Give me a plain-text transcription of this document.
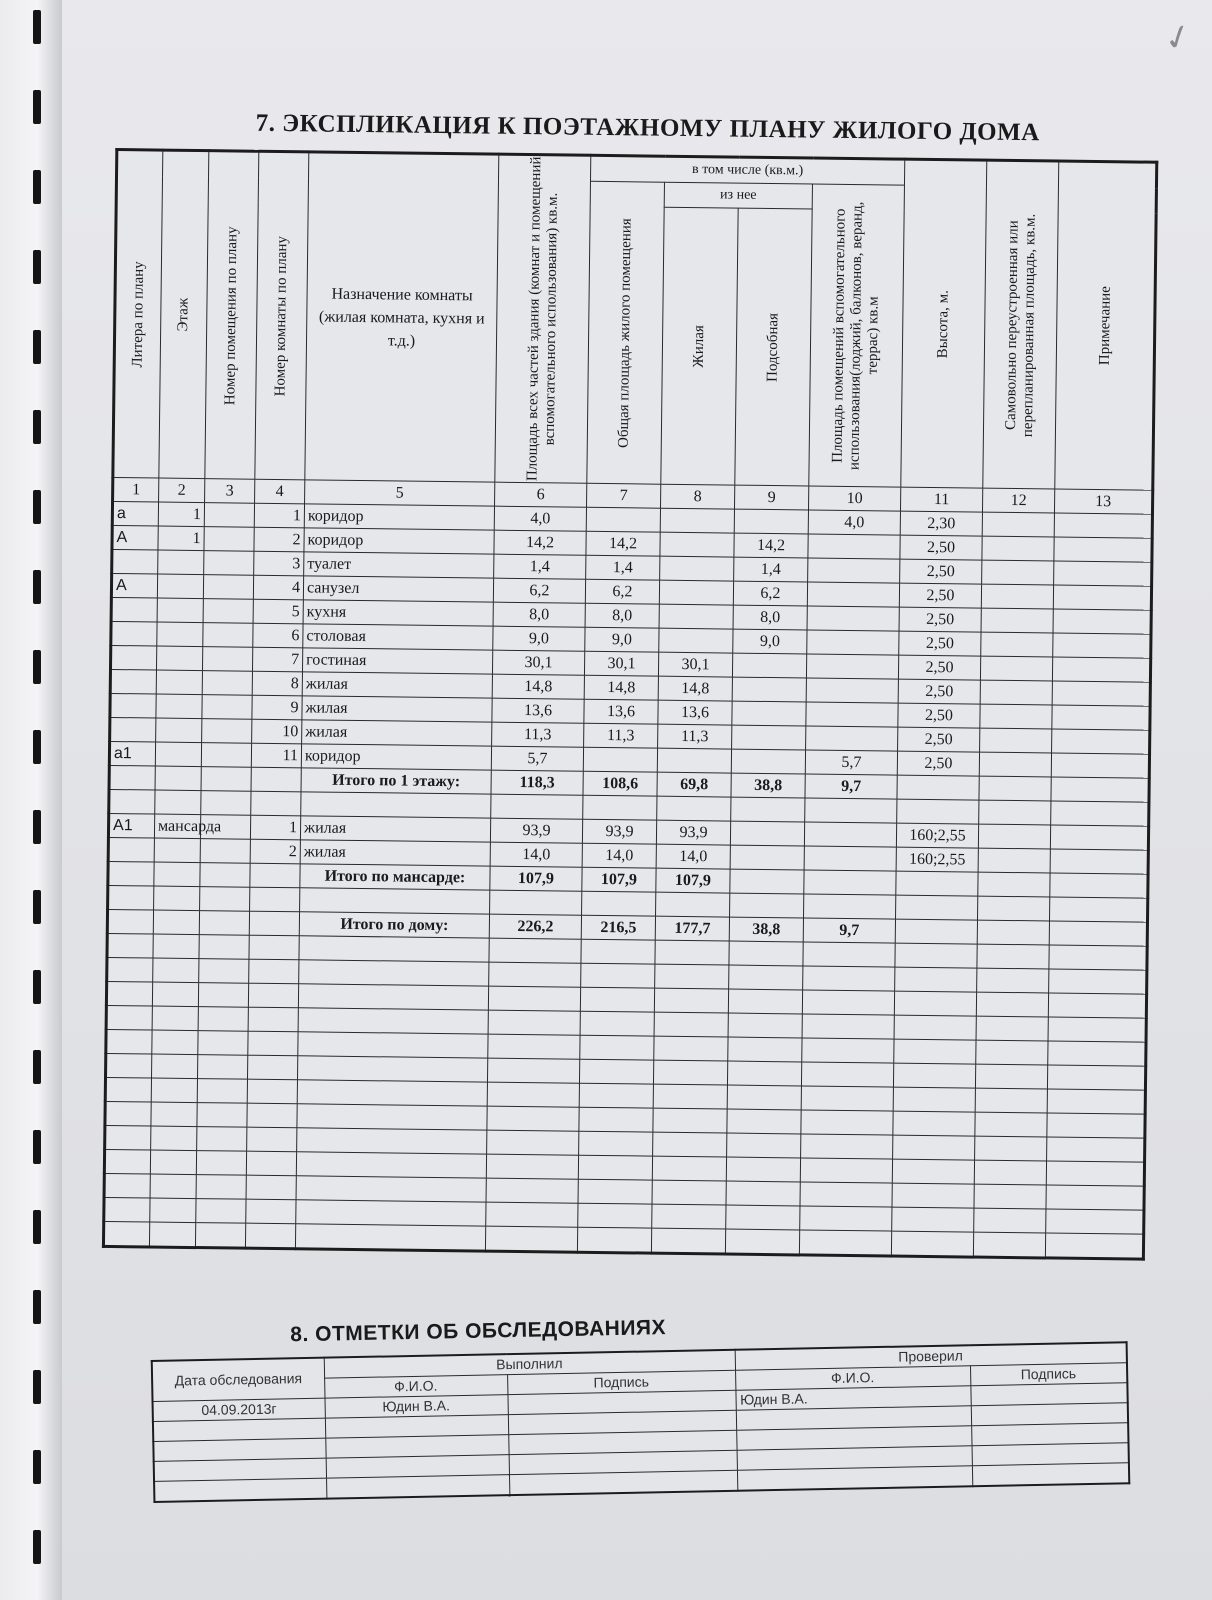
✓
7. ЭКСПЛИКАЦИЯ К ПОЭТАЖНОМУ ПЛАНУ ЖИЛОГО ДОМА
Литера по плану	Этаж	Номер помещения по плану	Номер комнаты по плану	Назначение комнаты (жилая комната, кухня и т.д.)	Площадь всех частей здания (комнат и помещений вспомогательного использования) кв.м.	в том числе (кв.м.)				Высота, м.	Самовольно переустроенная или перепланированная площадь, кв.м.	Примечание

						Общая площадь жилого помещения	из нее		Площадь помещений вспомогательного использования(лоджий, балконов, веранд, террас) кв.м			

							Жилая	Подсобная				

1	2	3	4	5	6	7	8	9	10	11	12	13
а	1		1	коридор	4,0				4,0	2,30		
А	1		2	коридор	14,2	14,2		14,2		2,50		
			3	туалет	1,4	1,4		1,4		2,50		
А			4	санузел	6,2	6,2		6,2		2,50		
			5	кухня	8,0	8,0		8,0		2,50		
			6	столовая	9,0	9,0		9,0		2,50		
			7	гостиная	30,1	30,1	30,1			2,50		
			8	жилая	14,8	14,8	14,8			2,50		
			9	жилая	13,6	13,6	13,6			2,50		
			10	жилая	11,3	11,3	11,3			2,50		
а1			11	коридор	5,7				5,7	2,50		
				Итого по 1 этажу:	118,3	108,6	69,8	38,8	9,7			

А1	мансарда		1	жилая	93,9	93,9	93,9			160;2,55		
			2	жилая	14,0	14,0	14,0			160;2,55		
				Итого по мансарде:	107,9	107,9	107,9					

				Итого по дому:	226,2	216,5	177,7	38,8	9,7			

8. ОТМЕТКИ ОБ ОБСЛЕДОВАНИЯХ
Дата обследования	Выполнил		Проверил	
	Ф.И.О.	Подпись	Ф.И.О.	Подпись
04.09.2013г	Юдин В.А.		Юдин В.А.	
